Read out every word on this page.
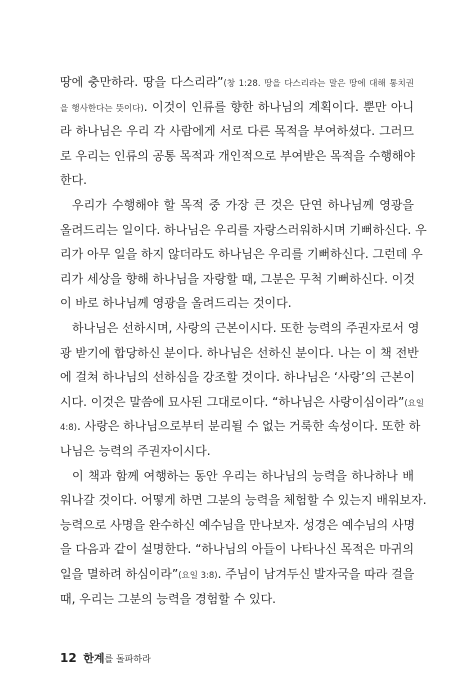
땅에 충만하라. 땅을 다스리라”(창 1:28. 땅을 다스리라는 말은 땅에 대해 통치권
을 행사한다는 뜻이다). 이것이 인류를 향한 하나님의 계획이다. 뿐만 아니
라 하나님은 우리 각 사람에게 서로 다른 목적을 부여하셨다. 그러므
로 우리는 인류의 공통 목적과 개인적으로 부여받은 목적을 수행해야
한다.
우리가 수행해야 할 목적 중 가장 큰 것은 단연 하나님께 영광을
올려드리는 일이다. 하나님은 우리를 자랑스러워하시며 기뻐하신다. 우
리가 아무 일을 하지 않더라도 하나님은 우리를 기뻐하신다. 그런데 우
리가 세상을 향해 하나님을 자랑할 때, 그분은 무척 기뻐하신다. 이것
이 바로 하나님께 영광을 올려드리는 것이다.
하나님은 선하시며, 사랑의 근본이시다. 또한 능력의 주권자로서 영
광 받기에 합당하신 분이다. 하나님은 선하신 분이다. 나는 이 책 전반
에 걸쳐 하나님의 선하심을 강조할 것이다. 하나님은 ‘사랑’의 근본이
시다. 이것은 말씀에 묘사된 그대로이다. “하나님은 사랑이심이라”(요일
4:8). 사랑은 하나님으로부터 분리될 수 없는 거룩한 속성이다. 또한 하
나님은 능력의 주권자이시다.
이 책과 함께 여행하는 동안 우리는 하나님의 능력을 하나하나 배
워나갈 것이다. 어떻게 하면 그분의 능력을 체험할 수 있는지 배워보자.
능력으로 사명을 완수하신 예수님을 만나보자. 성경은 예수님의 사명
을 다음과 같이 설명한다. “하나님의 아들이 나타나신 목적은 마귀의
일을 멸하려 하심이라”(요일 3:8). 주님이 남겨두신 발자국을 따라 걸을
때, 우리는 그분의 능력을 경험할 수 있다.
12 한계를 돌파하라
